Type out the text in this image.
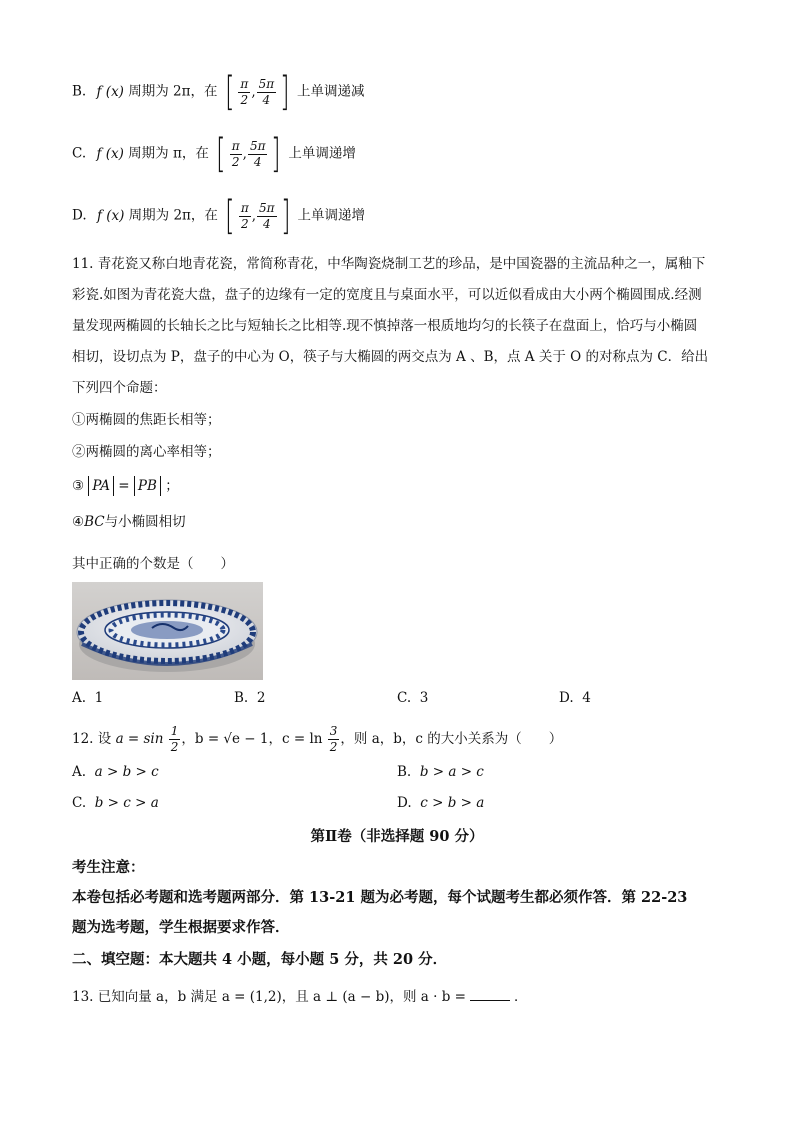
B. f (x) 周期为 2π，在 [ $\frac{\pi}{2}$ , $\frac{5\pi}{4}$ ] 上单调递减
C. f (x) 周期为 π，在 [ $\frac{\pi}{2}$ , $\frac{5\pi}{4}$ ] 上单调递增
D. f (x) 周期为 2π，在 [ $\frac{\pi}{2}$ , $\frac{5\pi}{4}$ ] 上单调递增
11. 青花瓷又称白地青花瓷，常简称青花，中华陶瓷烧制工艺的珍品，是中国瓷器的主流品种之一，属釉下
彩瓷.如图为青花瓷大盘，盘子的边缘有一定的宽度且与桌面水平，可以近似看成由大小两个椭圆围成.经测
量发现两椭圆的长轴长之比与短轴长之比相等.现不慎掉落一根质地均匀的长筷子在盘面上，恰巧与小椭圆
相切，设切点为 P，盘子的中心为 O，筷子与大椭圆的两交点为 A 、B，点 A 关于 O 的对称点为 C．给出
下列四个命题：
①两椭圆的焦距长相等；
②两椭圆的离心率相等；
③ PA = PB ；
④BC与小椭圆相切
其中正确的个数是（　　）
A. 1	B. 2	C. 3	D. 4
12. 设 $a = \sin \frac{1}{2}$ ，b = √e − 1，$c = \ln \frac{3}{2}$ ，则 a，b，c 的大小关系为（　　）
A. a > b > c	B. b > a > c
C. b > c > a	D. c > b > a
第Ⅱ卷（非选择题 90 分）
考生注意：
本卷包括必考题和选考题两部分．第 13-21 题为必考题，每个试题考生都必须作答．第 22-23
题为选考题，学生根据要求作答．
二、填空题：本大题共 4 小题，每小题 5 分，共 20 分．
13. 已知向量 a，b 满足 a = (1,2)，且 a ⊥ (a − b)，则 a · b =	．
